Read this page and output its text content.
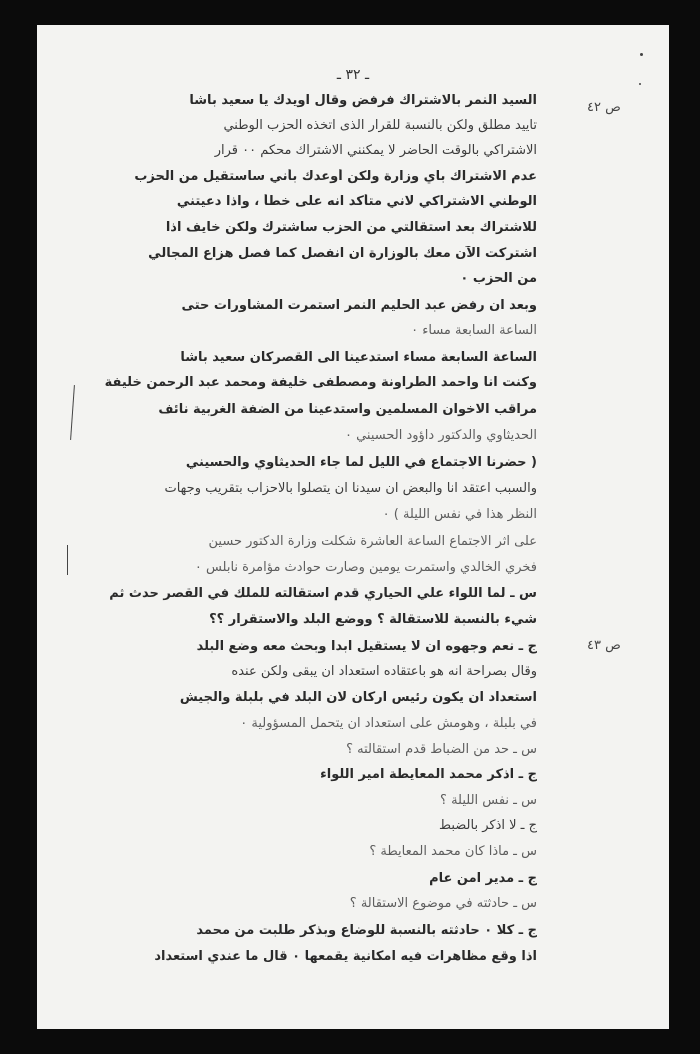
ـ ٣٢ ـ
ص ٤٢
ص ٤٣
السيد النمر بالاشتراك فرفض وقال اويدك يا سعيد باشا
تاييد مطلق ولكن بالنسبة للقرار الذى اتخذه الحزب الوطني
الاشتراكي بالوقت الحاضر لا يمكنني الاشتراك محكم ٠٠ قرار
عدم الاشتراك باي وزارة ولكن أوعدك بأني ساستقيل من الحزب
الوطني الاشتراكي لاني متأكد انه على خطأ ، واذا دعيتني
للاشتراك بعد استقالتي من الحزب ساشترك ولكن خايف اذا
اشتركت الآن معك بالوزارة ان انفصل كما فصل هزاع المجالي
من الحزب ٠
وبعد ان رفض عبد الحليم النمر استمرت المشاورات حتى
الساعة السابعة مساء ٠
الساعة السابعة مساء استدعينا الى القصركان سعيد باشا
وكنت انا واحمد الطراونة ومصطفى خليفة ومحمد عبد الرحمن خليفة
مراقب الاخوان المسلمين واستدعينا من الضفة الغربية نائف
الحديثاوي والدكتور داؤود الحسيني ٠
( حضرنا الاجتماع في الليل لما جاء الحديثاوي والحسيني
والسبب اعتقد انا والبعض ان سيدنا ان يتصلوا بالاحزاب بتقريب وجهات
النظر هذا في نفس الليلة ) ٠
على اثر الاجتماع الساعة العاشرة شكلت وزارة الدكتور حسين
فخري الخالدي واستمرت يومين وصارت حوادث مؤامرة نابلس ٠
س ـ لما اللواء علي الحياري قدم استقالته للملك في القصر حدث ثم
شيء بالنسبة للاستقالة ؟ ووضع البلد والاستقرار ؟؟
ج ـ نعم وجهوه ان لا يستقيل ابدا وبحث معه وضع البلد
وقال بصراحة انه هو باعتقاده استعداد ان يبقى ولكن عنده
استعداد ان يكون رئيس اركان لان البلد في بلبلة والجيش
في بلبلة ، وهومش على استعداد ان يتحمل المسؤولية ٠
س ـ حد من الضباط قدم استقالته ؟
ج ـ اذكر محمد المعايطة امير اللواء
س ـ نفس الليلة ؟
ج ـ لا اذكر بالضبط
س ـ ماذا كان محمد المعايطة ؟
ج ـ مدير امن عام
س ـ حادثته في موضوع الاستقالة ؟
ج ـ كلا ٠ حادثته بالنسبة للوضاع وبذكر طلبت من محمد
اذا وقع مظاهرات فيه امكانية يقمعها ٠ قال ما عندي استعداد
